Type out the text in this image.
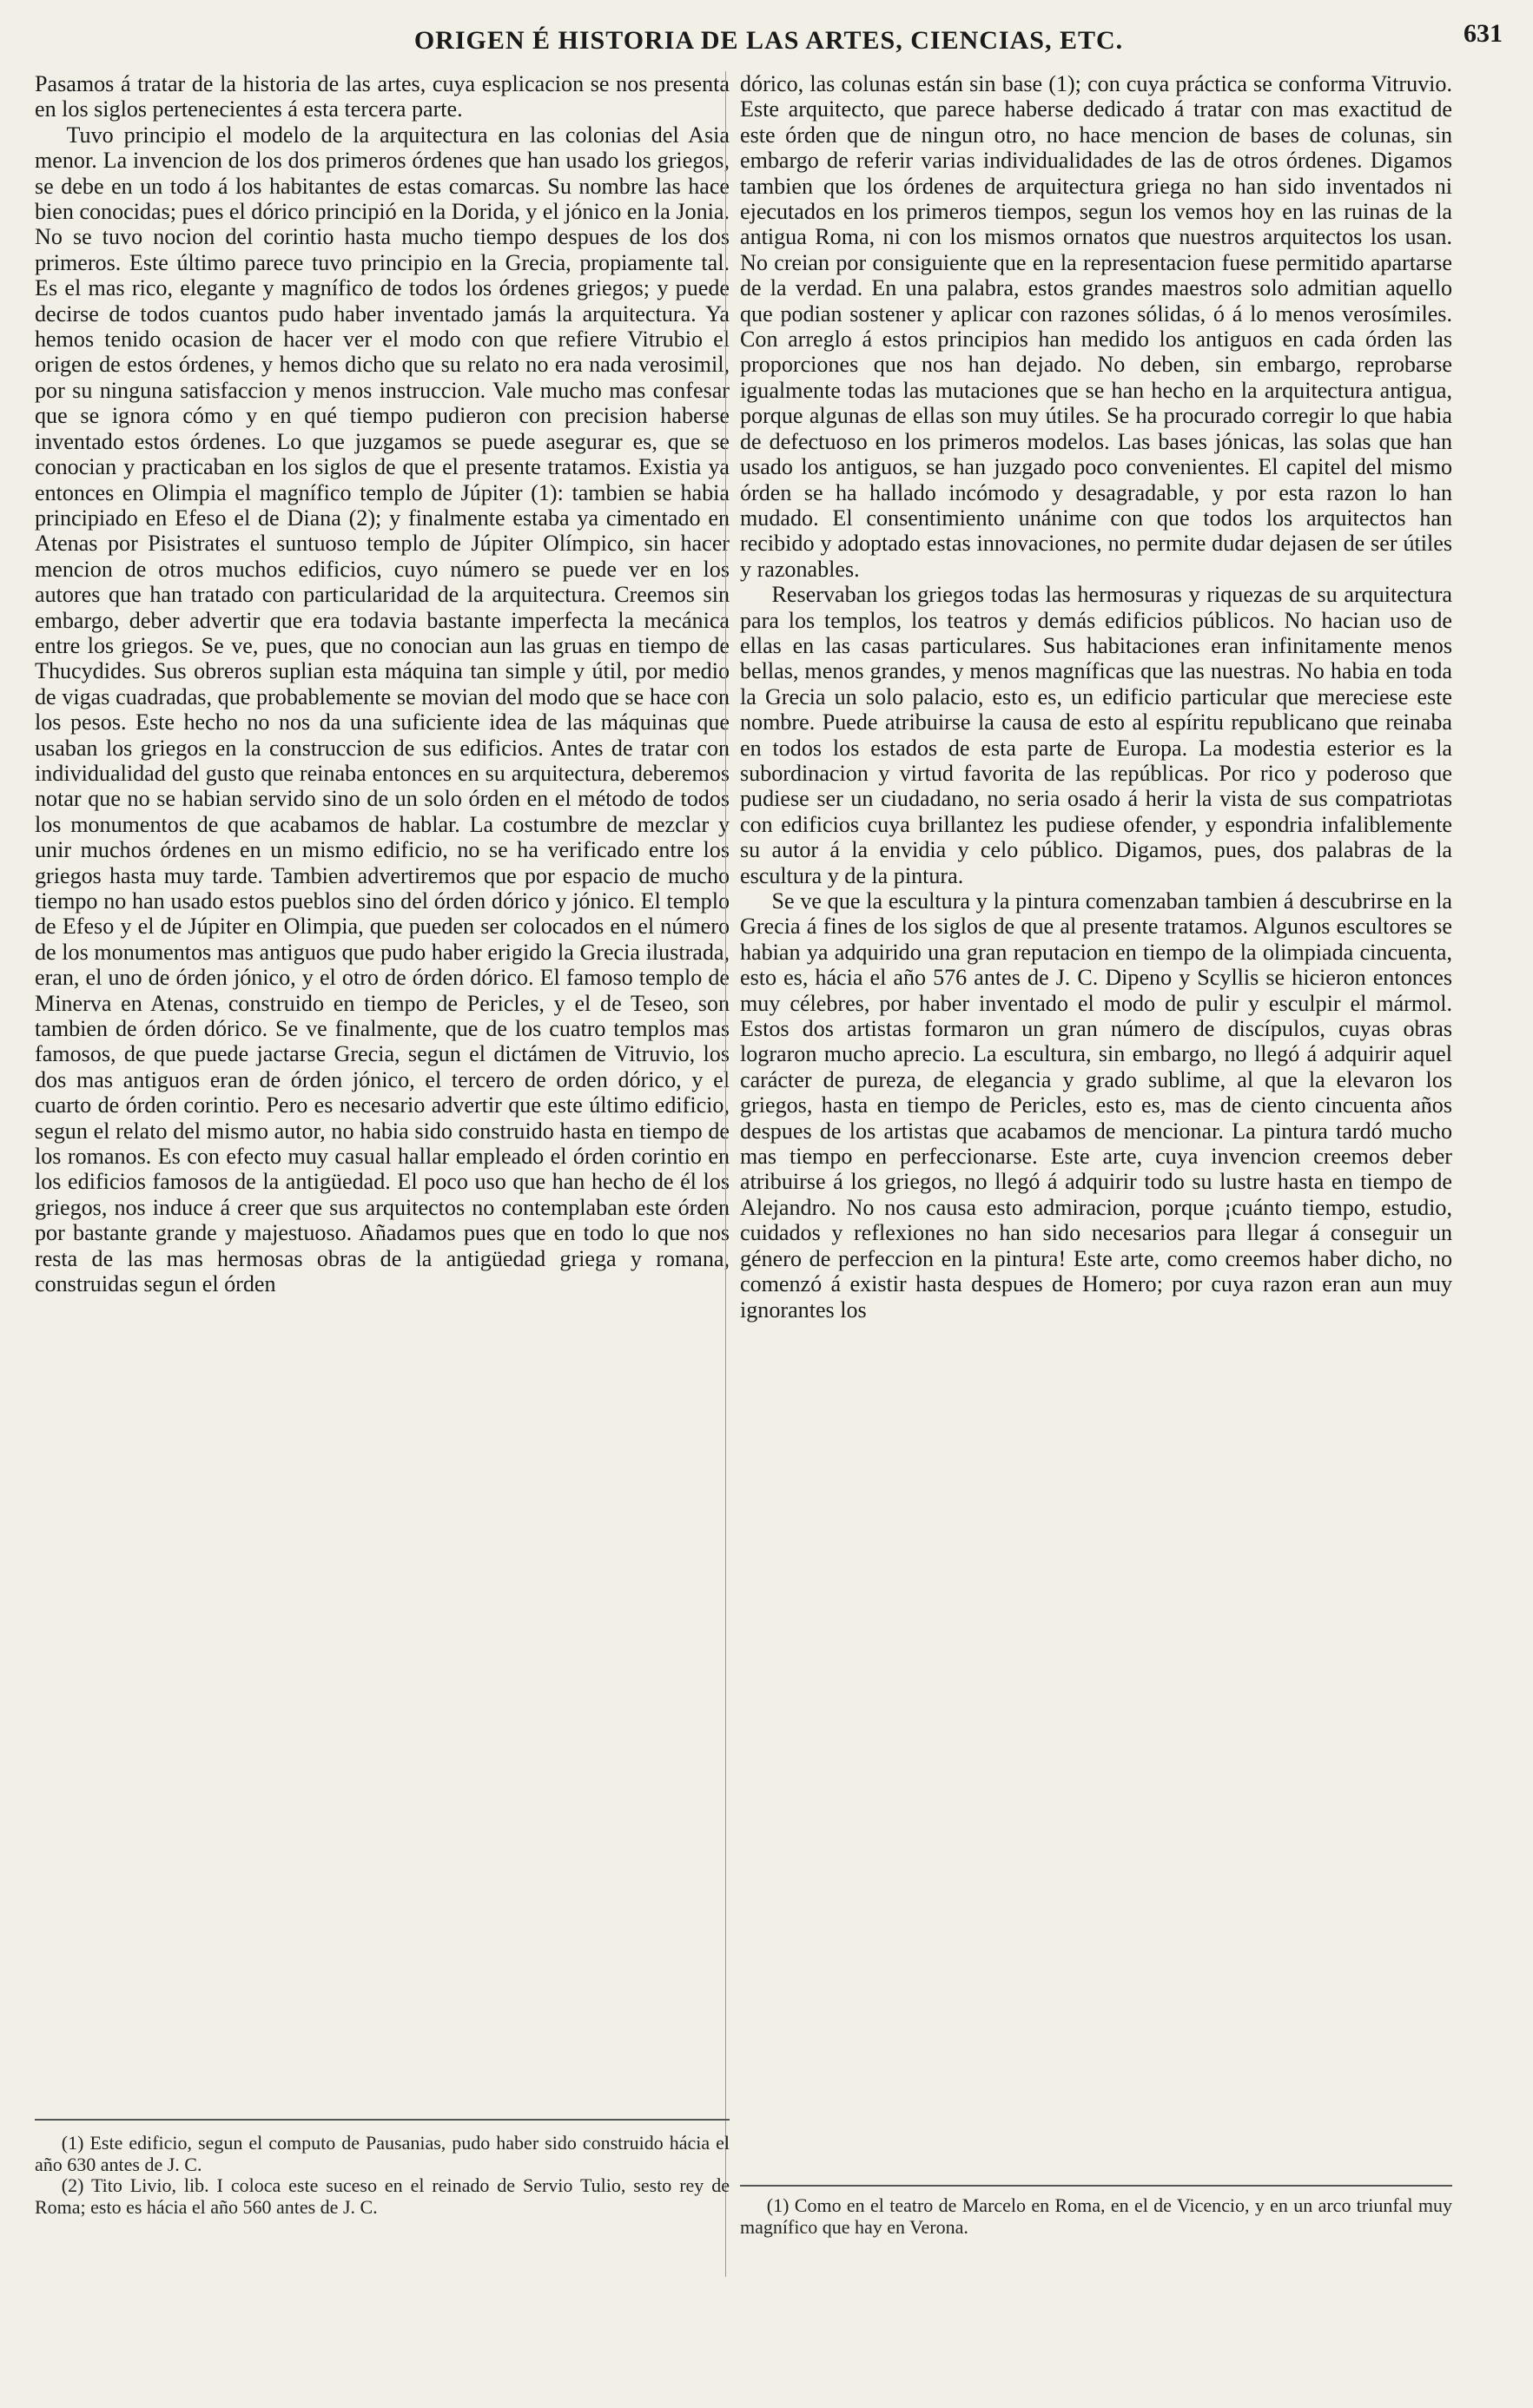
ORIGEN É HISTORIA DE LAS ARTES, CIENCIAS, ETC.	631

Pasamos á tratar de la historia de las artes, cuya esplicacion se nos presenta en los siglos pertenecientes á esta tercera parte.

Tuvo principio el modelo de la arquitectura en las colonias del Asia menor. La invencion de los dos primeros órdenes que han usado los griegos, se debe en un todo á los habitantes de estas comarcas. Su nombre las hace bien conocidas; pues el dórico principió en la Dorida, y el jónico en la Jonia. No se tuvo nocion del corintio hasta mucho tiempo despues de los dos primeros. Este último parece tuvo principio en la Grecia, propiamente tal. Es el mas rico, elegante y magnífico de todos los órdenes griegos; y puede decirse de todos cuantos pudo haber inventado jamás la arquitectura. Ya hemos tenido ocasion de hacer ver el modo con que refiere Vitrubio el origen de estos órdenes, y hemos dicho que su relato no era nada verosimil, por su ninguna satisfaccion y menos instruccion. Vale mucho mas confesar que se ignora cómo y en qué tiempo pudieron con precision haberse inventado estos órdenes. Lo que juzgamos se puede asegurar es, que se conocian y practicaban en los siglos de que el presente tratamos. Existia ya entonces en Olimpia el magnífico templo de Júpiter (1): tambien se habia principiado en Efeso el de Diana (2); y finalmente estaba ya cimentado en Atenas por Pisistrates el suntuoso templo de Júpiter Olímpico, sin hacer mencion de otros muchos edificios, cuyo número se puede ver en los autores que han tratado con particularidad de la arquitectura. Creemos sin embargo, deber advertir que era todavia bastante imperfecta la mecánica entre los griegos. Se ve, pues, que no conocian aun las gruas en tiempo de Thucydides. Sus obreros suplian esta máquina tan simple y útil, por medio de vigas cuadradas, que probablemente se movian del modo que se hace con los pesos. Este hecho no nos da una suficiente idea de las máquinas que usaban los griegos en la construccion de sus edificios. Antes de tratar con individualidad del gusto que reinaba entonces en su arquitectura, deberemos notar que no se habian servido sino de un solo órden en el método de todos los monumentos de que acabamos de hablar. La costumbre de mezclar y unir muchos órdenes en un mismo edificio, no se ha verificado entre los griegos hasta muy tarde. Tambien advertiremos que por espacio de mucho tiempo no han usado estos pueblos sino del órden dórico y jónico. El templo de Efeso y el de Júpiter en Olimpia, que pueden ser colocados en el número de los monumentos mas antiguos que pudo haber erigido la Grecia ilustrada, eran, el uno de órden jónico, y el otro de órden dórico. El famoso templo de Minerva en Atenas, construido en tiempo de Pericles, y el de Teseo, son tambien de órden dórico. Se ve finalmente, que de los cuatro templos mas famosos, de que puede jactarse Grecia, segun el dictámen de Vitruvio, los dos mas antiguos eran de órden jónico, el tercero de orden dórico, y el cuarto de órden corintio. Pero es necesario advertir que este último edificio, segun el relato del mismo autor, no habia sido construido hasta en tiempo de los romanos. Es con efecto muy casual hallar empleado el órden corintio en los edificios famosos de la antigüedad. El poco uso que han hecho de él los griegos, nos induce á creer que sus arquitectos no contemplaban este órden por bastante grande y majestuoso. Añadamos pues que en todo lo que nos resta de las mas hermosas obras de la antigüedad griega y romana, construidas segun el órden

dórico, las colunas están sin base (1); con cuya práctica se conforma Vitruvio. Este arquitecto, que parece haberse dedicado á tratar con mas exactitud de este órden que de ningun otro, no hace mencion de bases de colunas, sin embargo de referir varias individualidades de las de otros órdenes. Digamos tambien que los órdenes de arquitectura griega no han sido inventados ni ejecutados en los primeros tiempos, segun los vemos hoy en las ruinas de la antigua Roma, ni con los mismos ornatos que nuestros arquitectos los usan. No creian por consiguiente que en la representacion fuese permitido apartarse de la verdad. En una palabra, estos grandes maestros solo admitian aquello que podian sostener y aplicar con razones sólidas, ó á lo menos verosímiles. Con arreglo á estos principios han medido los antiguos en cada órden las proporciones que nos han dejado. No deben, sin embargo, reprobarse igualmente todas las mutaciones que se han hecho en la arquitectura antigua, porque algunas de ellas son muy útiles. Se ha procurado corregir lo que habia de defectuoso en los primeros modelos. Las bases jónicas, las solas que han usado los antiguos, se han juzgado poco convenientes. El capitel del mismo órden se ha hallado incómodo y desagradable, y por esta razon lo han mudado. El consentimiento unánime con que todos los arquitectos han recibido y adoptado estas innovaciones, no permite dudar dejasen de ser útiles y razonables.

Reservaban los griegos todas las hermosuras y riquezas de su arquitectura para los templos, los teatros y demás edificios públicos. No hacian uso de ellas en las casas particulares. Sus habitaciones eran infinitamente menos bellas, menos grandes, y menos magníficas que las nuestras. No habia en toda la Grecia un solo palacio, esto es, un edificio particular que mereciese este nombre. Puede atribuirse la causa de esto al espíritu republicano que reinaba en todos los estados de esta parte de Europa. La modestia esterior es la subordinacion y virtud favorita de las repúblicas. Por rico y poderoso que pudiese ser un ciudadano, no seria osado á herir la vista de sus compatriotas con edificios cuya brillantez les pudiese ofender, y espondria infaliblemente su autor á la envidia y celo público. Digamos, pues, dos palabras de la escultura y de la pintura.

Se ve que la escultura y la pintura comenzaban tambien á descubrirse en la Grecia á fines de los siglos de que al presente tratamos. Algunos escultores se habian ya adquirido una gran reputacion en tiempo de la olimpiada cincuenta, esto es, hácia el año 576 antes de J. C. Dipeno y Scyllis se hicieron entonces muy célebres, por haber inventado el modo de pulir y esculpir el mármol. Estos dos artistas formaron un gran número de discípulos, cuyas obras lograron mucho aprecio. La escultura, sin embargo, no llegó á adquirir aquel carácter de pureza, de elegancia y grado sublime, al que la elevaron los griegos, hasta en tiempo de Pericles, esto es, mas de ciento cincuenta años despues de los artistas que acabamos de mencionar. La pintura tardó mucho mas tiempo en perfeccionarse. Este arte, cuya invencion creemos deber atribuirse á los griegos, no llegó á adquirir todo su lustre hasta en tiempo de Alejandro. No nos causa esto admiracion, porque ¡cuánto tiempo, estudio, cuidados y reflexiones no han sido necesarios para llegar á conseguir un género de perfeccion en la pintura! Este arte, como creemos haber dicho, no comenzó á existir hasta despues de Homero; por cuya razon eran aun muy ignorantes los

(1) Este edificio, segun el computo de Pausanias, pudo haber sido construido hácia el año 630 antes de J. C.

(2) Tito Livio, lib. I coloca este suceso en el reinado de Servio Tulio, sesto rey de Roma; esto es hácia el año 560 antes de J. C.	(1) Como en el teatro de Marcelo en Roma, en el de Vicencio, y en un arco triunfal muy magnífico que hay en Verona.
